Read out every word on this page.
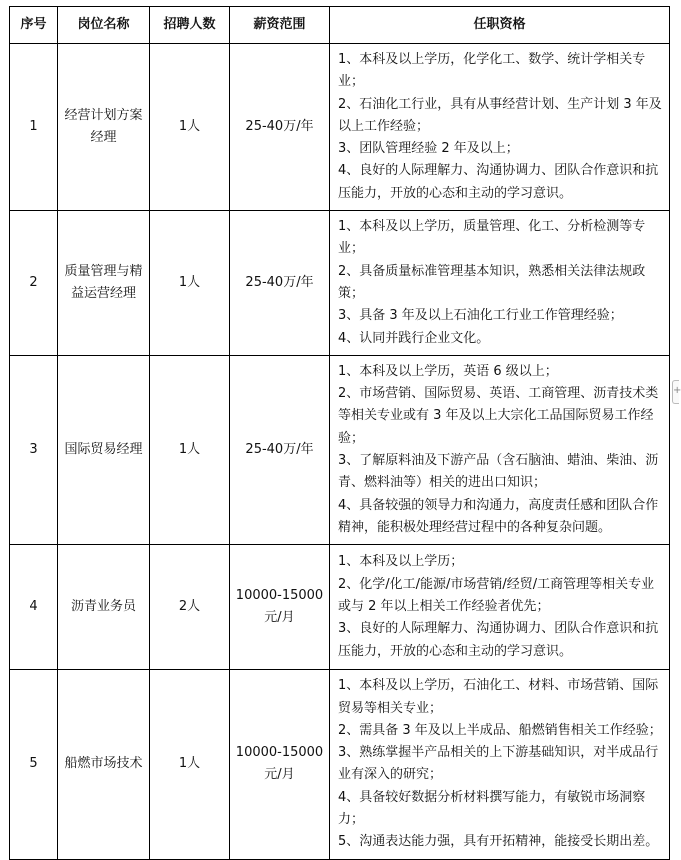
序号	岗位名称	招聘人数	薪资范围	任职资格
1	经营计划方案经理	1人	25-40万/年	1、本科及以上学历，化学化工、数学、统计学相关专业；
2、石油化工行业，具有从事经营计划、生产计划 3 年及以上工作经验；
3、团队管理经验 2 年及以上；
4、良好的人际理解力、沟通协调力、团队合作意识和抗压能力，开放的心态和主动的学习意识。

2	质量管理与精益运营经理	1人	25-40万/年	1、本科及以上学历，质量管理、化工、分析检测等专业；
2、具备质量标准管理基本知识，熟悉相关法律法规政策；
3、具备 3 年及以上石油化工行业工作管理经验；
4、认同并践行企业文化。

3	国际贸易经理	1人	25-40万/年	1、本科及以上学历，英语 6 级以上；
2、市场营销、国际贸易、英语、工商管理、沥青技术类等相关专业或有 3 年及以上大宗化工品国际贸易工作经验；
3、了解原料油及下游产品（含石脑油、蜡油、柴油、沥青、燃料油等）相关的进出口知识；
4、具备较强的领导力和沟通力，高度责任感和团队合作精神，能积极处理经营过程中的各种复杂问题。

4	沥青业务员	2人	10000-15000元/月	1、本科及以上学历；
2、化学/化工/能源/市场营销/经贸/工商管理等相关专业或与 2 年以上相关工作经验者优先；
3、良好的人际理解力、沟通协调力、团队合作意识和抗压能力，开放的心态和主动的学习意识。

5	船燃市场技术	1人	10000-15000元/月	1、本科及以上学历，石油化工、材料、市场营销、国际贸易等相关专业；
2、需具备 3 年及以上半成品、船燃销售相关工作经验；
3、熟练掌握半产品相关的上下游基础知识，对半成品行业有深入的研究；
4、具备较好数据分析材料撰写能力，有敏锐市场洞察力；
5、沟通表达能力强，具有开拓精神，能接受长期出差。
+
